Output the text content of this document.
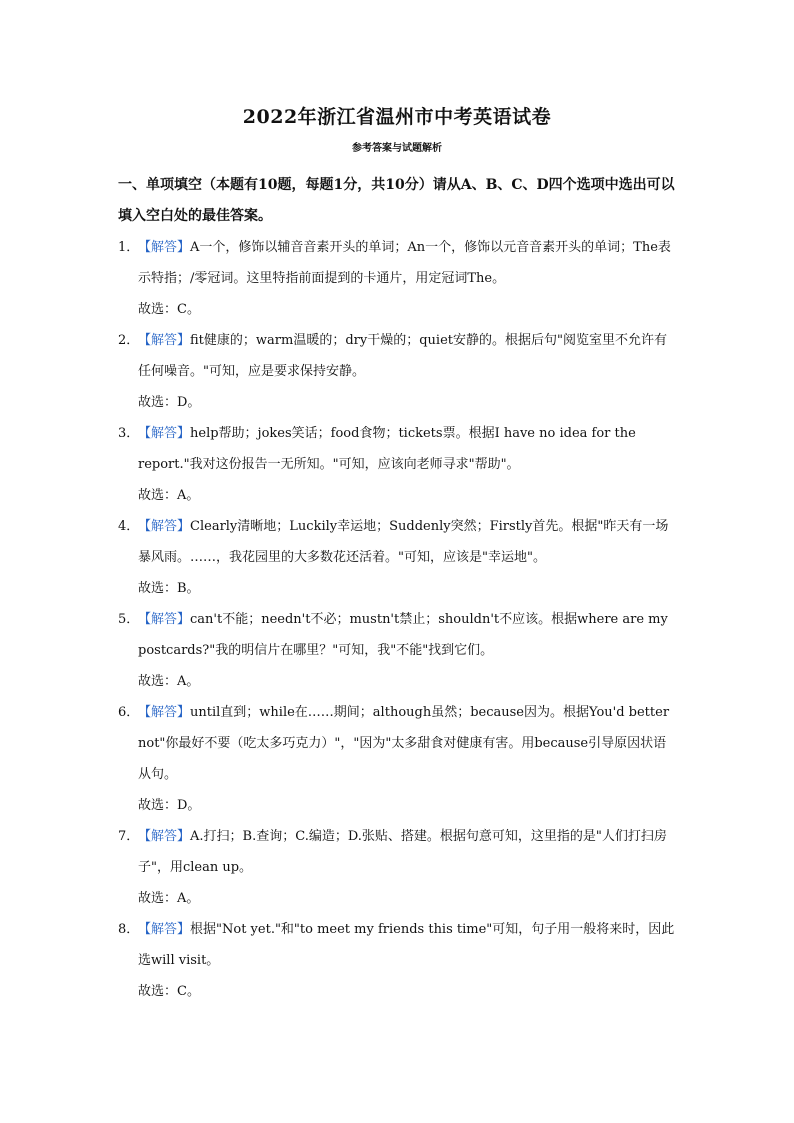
2022年浙江省温州市中考英语试卷
参考答案与试题解析
一、单项填空（本题有10题，每题1分，共10分）请从A、B、C、D四个选项中选出可以填入空白处的最佳答案。
1．
【解答】A一个，修饰以辅音音素开头的单词；An一个，修饰以元音音素开头的单词；The表示特指；/零冠词。这里特指前面提到的卡通片，用定冠词The。
故选：C。
2．
【解答】fit健康的；warm温暖的；dry干燥的；quiet安静的。根据后句"阅览室里不允许有任何噪音。"可知，应是要求保持安静。
故选：D。
3．
【解答】help帮助；jokes笑话；food食物；tickets票。根据I have no idea for the report."我对这份报告一无所知。"可知，应该向老师寻求"帮助"。
故选：A。
4．
【解答】Clearly清晰地；Luckily幸运地；Suddenly突然；Firstly首先。根据"昨天有一场暴风雨。……，我花园里的大多数花还活着。"可知，应该是"幸运地"。
故选：B。
5．
【解答】can't不能；needn't不必；mustn't禁止；shouldn't不应该。根据where are my postcards?"我的明信片在哪里？"可知，我"不能"找到它们。
故选：A。
6．
【解答】until直到；while在……期间；although虽然；because因为。根据You'd better not"你最好不要（吃太多巧克力）"，"因为"太多甜食对健康有害。用because引导原因状语从句。
故选：D。
7．
【解答】A.打扫；B.查询；C.编造；D.张贴、搭建。根据句意可知，这里指的是"人们打扫房子"，用clean up。
故选：A。
8．
【解答】根据"Not yet."和"to meet my friends this time"可知，句子用一般将来时，因此选will visit。
故选：C。
